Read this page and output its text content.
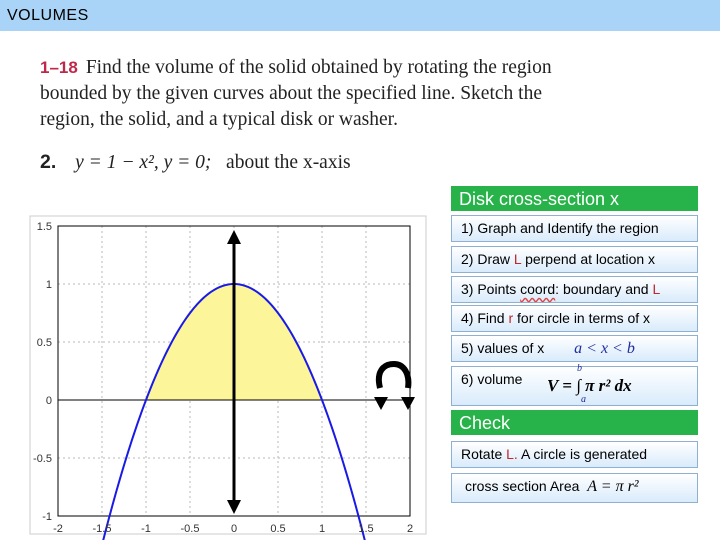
VOLUMES
1–18 Find the volume of the solid obtained by rotating the region
bounded by the given curves about the specified line. Sketch the
region, the solid, and a typical disk or washer.
2. y = 1 − x², y = 0; about the x-axis
1.5
1
0.5
0
-0.5
-1
-2	-1.5	-1	-0.5	0	0.5	1	1.5	2
Disk cross-section x
1) Graph and Identify the region
2) Draw L perpend at location x
3) Points coord: boundary and L
4) Find r for circle in terms of x
5) values of x a < x < b
6) volume
b
V = ∫ π r² dx
a
Check
Rotate L. A circle is generated
cross section Area A = π r²
